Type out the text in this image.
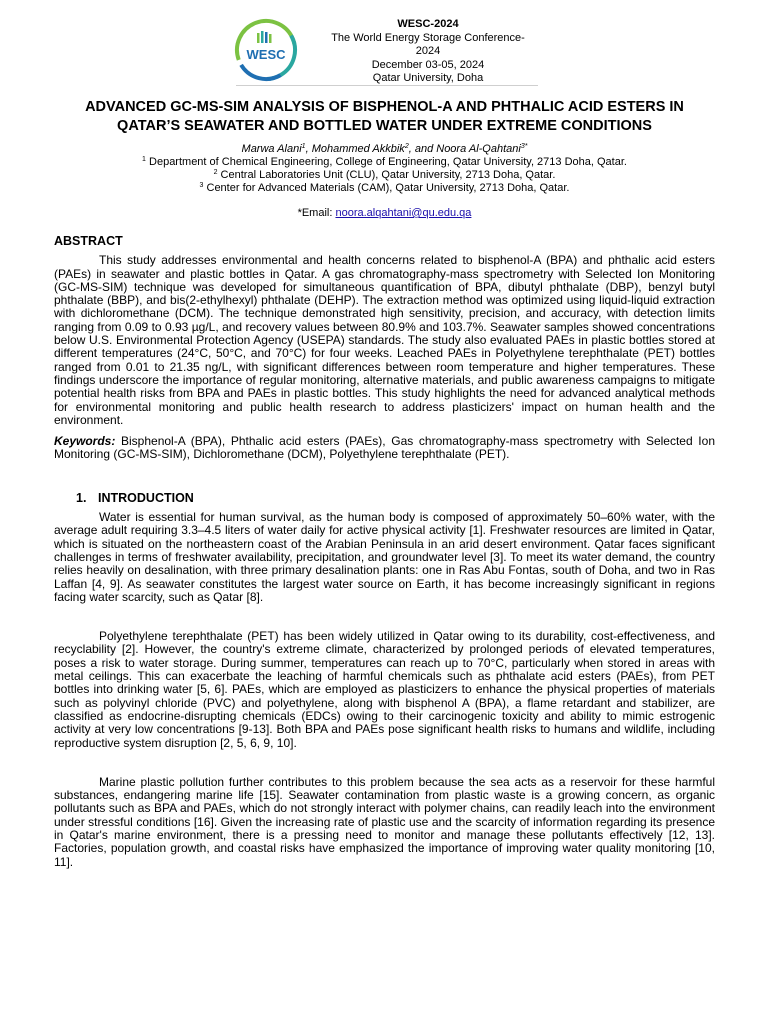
WESC
WESC-2024
The World Energy Storage Conference-
2024
December 03-05, 2024
Qatar University, Doha
ADVANCED GC-MS-SIM ANALYSIS OF BISPHENOL-A AND PHTHALIC ACID ESTERS IN QATAR’S SEAWATER AND BOTTLED WATER UNDER EXTREME CONDITIONS
Marwa Alani$^1$, Mohammed Akkbik$^2$, and Noora Al-Qahtani$^{3*}$
$^1$ Department of Chemical Engineering, College of Engineering, Qatar University, 2713 Doha, Qatar.
$^2$ Central Laboratories Unit (CLU), Qatar University, 2713 Doha, Qatar.
$^3$ Center for Advanced Materials (CAM), Qatar University, 2713 Doha, Qatar.
*Email: noora.alqahtani@qu.edu.qa
ABSTRACT

This study addresses environmental and health concerns related to bisphenol-A (BPA) and phthalic acid esters (PAEs) in seawater and plastic bottles in Qatar. A gas chromatography-mass spectrometry with Selected Ion Monitoring (GC-MS-SIM) technique was developed for simultaneous quantification of BPA, dibutyl phthalate (DBP), benzyl butyl phthalate (BBP), and bis(2-ethylhexyl) phthalate (DEHP). The extraction method was optimized using liquid-liquid extraction with dichloromethane (DCM). The technique demonstrated high sensitivity, precision, and accuracy, with detection limits ranging from 0.09 to 0.93 µg/L, and recovery values between 80.9% and 103.7%. Seawater samples showed concentrations below U.S. Environmental Protection Agency (USEPA) standards. The study also evaluated PAEs in plastic bottles stored at different temperatures (24°C, 50°C, and 70°C) for four weeks. Leached PAEs in Polyethylene terephthalate (PET) bottles ranged from 0.01 to 21.35 ng/L, with significant differences between room temperature and higher temperatures. These findings underscore the importance of regular monitoring, alternative materials, and public awareness campaigns to mitigate potential health risks from BPA and PAEs in plastic bottles. This study highlights the need for advanced analytical methods for environmental monitoring and public health research to address plasticizers' impact on human health and the environment.

Keywords: Bisphenol-A (BPA), Phthalic acid esters (PAEs), Gas chromatography-mass spectrometry with Selected Ion Monitoring (GC-MS-SIM), Dichloromethane (DCM), Polyethylene terephthalate (PET).

1. INTRODUCTION

Water is essential for human survival, as the human body is composed of approximately 50–60% water, with the average adult requiring 3.3–4.5 liters of water daily for active physical activity [1]. Freshwater resources are limited in Qatar, which is situated on the northeastern coast of the Arabian Peninsula in an arid desert environment. Qatar faces significant challenges in terms of freshwater availability, precipitation, and groundwater level [3]. To meet its water demand, the country relies heavily on desalination, with three primary desalination plants: one in Ras Abu Fontas, south of Doha, and two in Ras Laffan [4, 9]. As seawater constitutes the largest water source on Earth, it has become increasingly significant in regions facing water scarcity, such as Qatar [8].

Polyethylene terephthalate (PET) has been widely utilized in Qatar owing to its durability, cost-effectiveness, and recyclability [2]. However, the country's extreme climate, characterized by prolonged periods of elevated temperatures, poses a risk to water storage. During summer, temperatures can reach up to 70°C, particularly when stored in areas with metal ceilings. This can exacerbate the leaching of harmful chemicals such as phthalate acid esters (PAEs), from PET bottles into drinking water [5, 6]. PAEs, which are employed as plasticizers to enhance the physical properties of materials such as polyvinyl chloride (PVC) and polyethylene, along with bisphenol A (BPA), a flame retardant and stabilizer, are classified as endocrine-disrupting chemicals (EDCs) owing to their carcinogenic toxicity and ability to mimic estrogenic activity at very low concentrations [9-13]. Both BPA and PAEs pose significant health risks to humans and wildlife, including reproductive system disruption [2, 5, 6, 9, 10].

Marine plastic pollution further contributes to this problem because the sea acts as a reservoir for these harmful substances, endangering marine life [15]. Seawater contamination from plastic waste is a growing concern, as organic pollutants such as BPA and PAEs, which do not strongly interact with polymer chains, can readily leach into the environment under stressful conditions [16]. Given the increasing rate of plastic use and the scarcity of information regarding its presence in Qatar's marine environment, there is a pressing need to monitor and manage these pollutants effectively [12, 13]. Factories, population growth, and coastal risks have emphasized the importance of improving water quality monitoring [10, 11].
